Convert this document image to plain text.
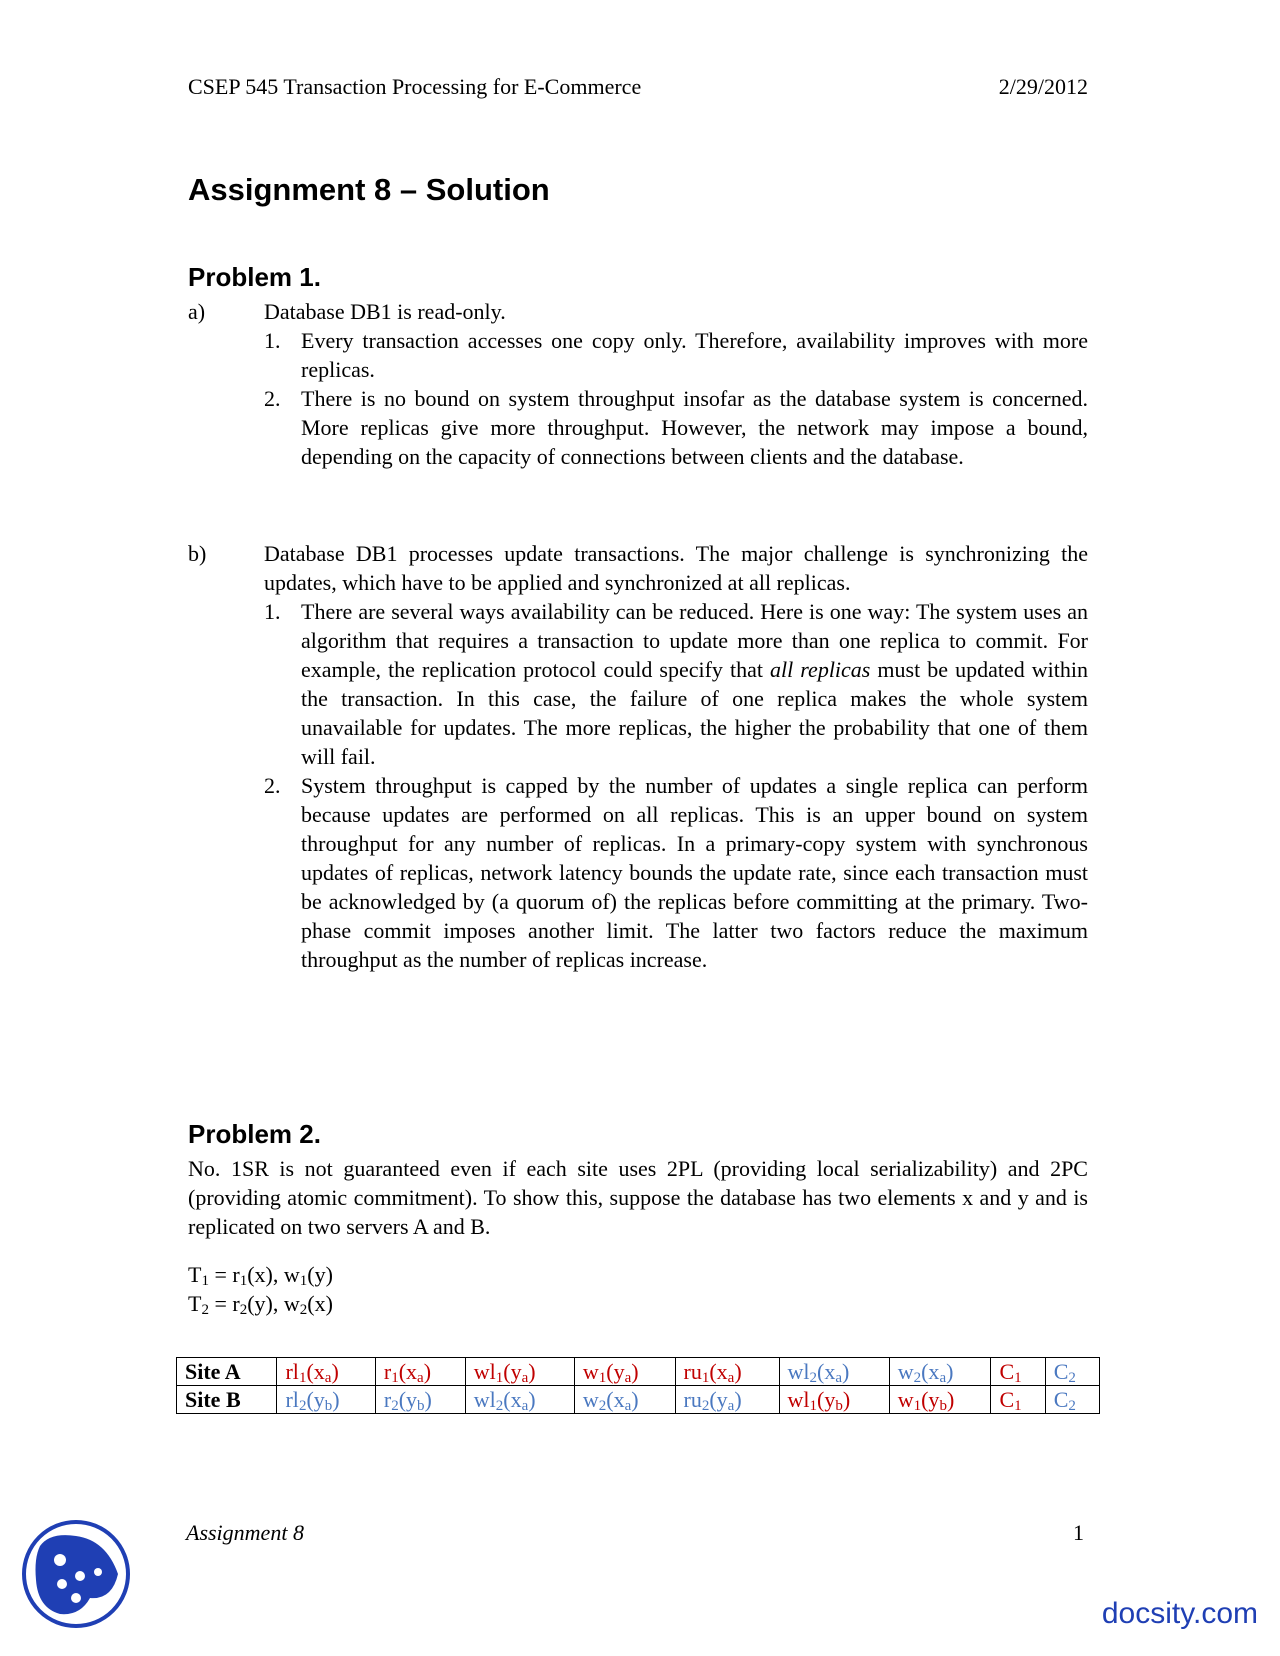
CSEP 545 Transaction Processing for E-Commerce	2/29/2012
Assignment 8 – Solution
Problem 1.
a)	Database DB1 is read-only.
1. Every transaction accesses one copy only. Therefore, availability improves with more replicas.
2. There is no bound on system throughput insofar as the database system is concerned. More replicas give more throughput. However, the network may impose a bound, depending on the capacity of connections between clients and the database.
b)	Database DB1 processes update transactions. The major challenge is synchronizing the updates, which have to be applied and synchronized at all replicas.
1. There are several ways availability can be reduced. Here is one way: The system uses an algorithm that requires a transaction to update more than one replica to commit. For example, the replication protocol could specify that all replicas must be updated within the transaction. In this case, the failure of one replica makes the whole system unavailable for updates. The more replicas, the higher the probability that one of them will fail.
2. System throughput is capped by the number of updates a single replica can perform because updates are performed on all replicas. This is an upper bound on system throughput for any number of replicas. In a primary-copy system with synchronous updates of replicas, network latency bounds the update rate, since each transaction must be acknowledged by (a quorum of) the replicas before committing at the primary. Two-phase commit imposes another limit. The latter two factors reduce the maximum throughput as the number of replicas increase.
Problem 2.
No. 1SR is not guaranteed even if each site uses 2PL (providing local serializability) and 2PC (providing atomic commitment). To show this, suppose the database has two elements x and y and is replicated on two servers A and B.
$T_1 = r_1(x)$, $w_1(y)$
$T_2 = r_2(y)$, $w_2(x)$
Site A	$rl_1(x_a)$	$r_1(x_a)$	$wl_1(y_a)$	$w_1(y_a)$	$ru_1(x_a)$	$wl_2(x_a)$	$w_2(x_a)$	$C_1$	$C_2$
Site B	$rl_2(y_b)$	$r_2(y_b)$	$wl_2(x_a)$	$w_2(x_a)$	$ru_2(y_a)$	$wl_1(y_b)$	$w_1(y_b)$	$C_1$	$C_2$
Assignment 8	1
docsity.com
